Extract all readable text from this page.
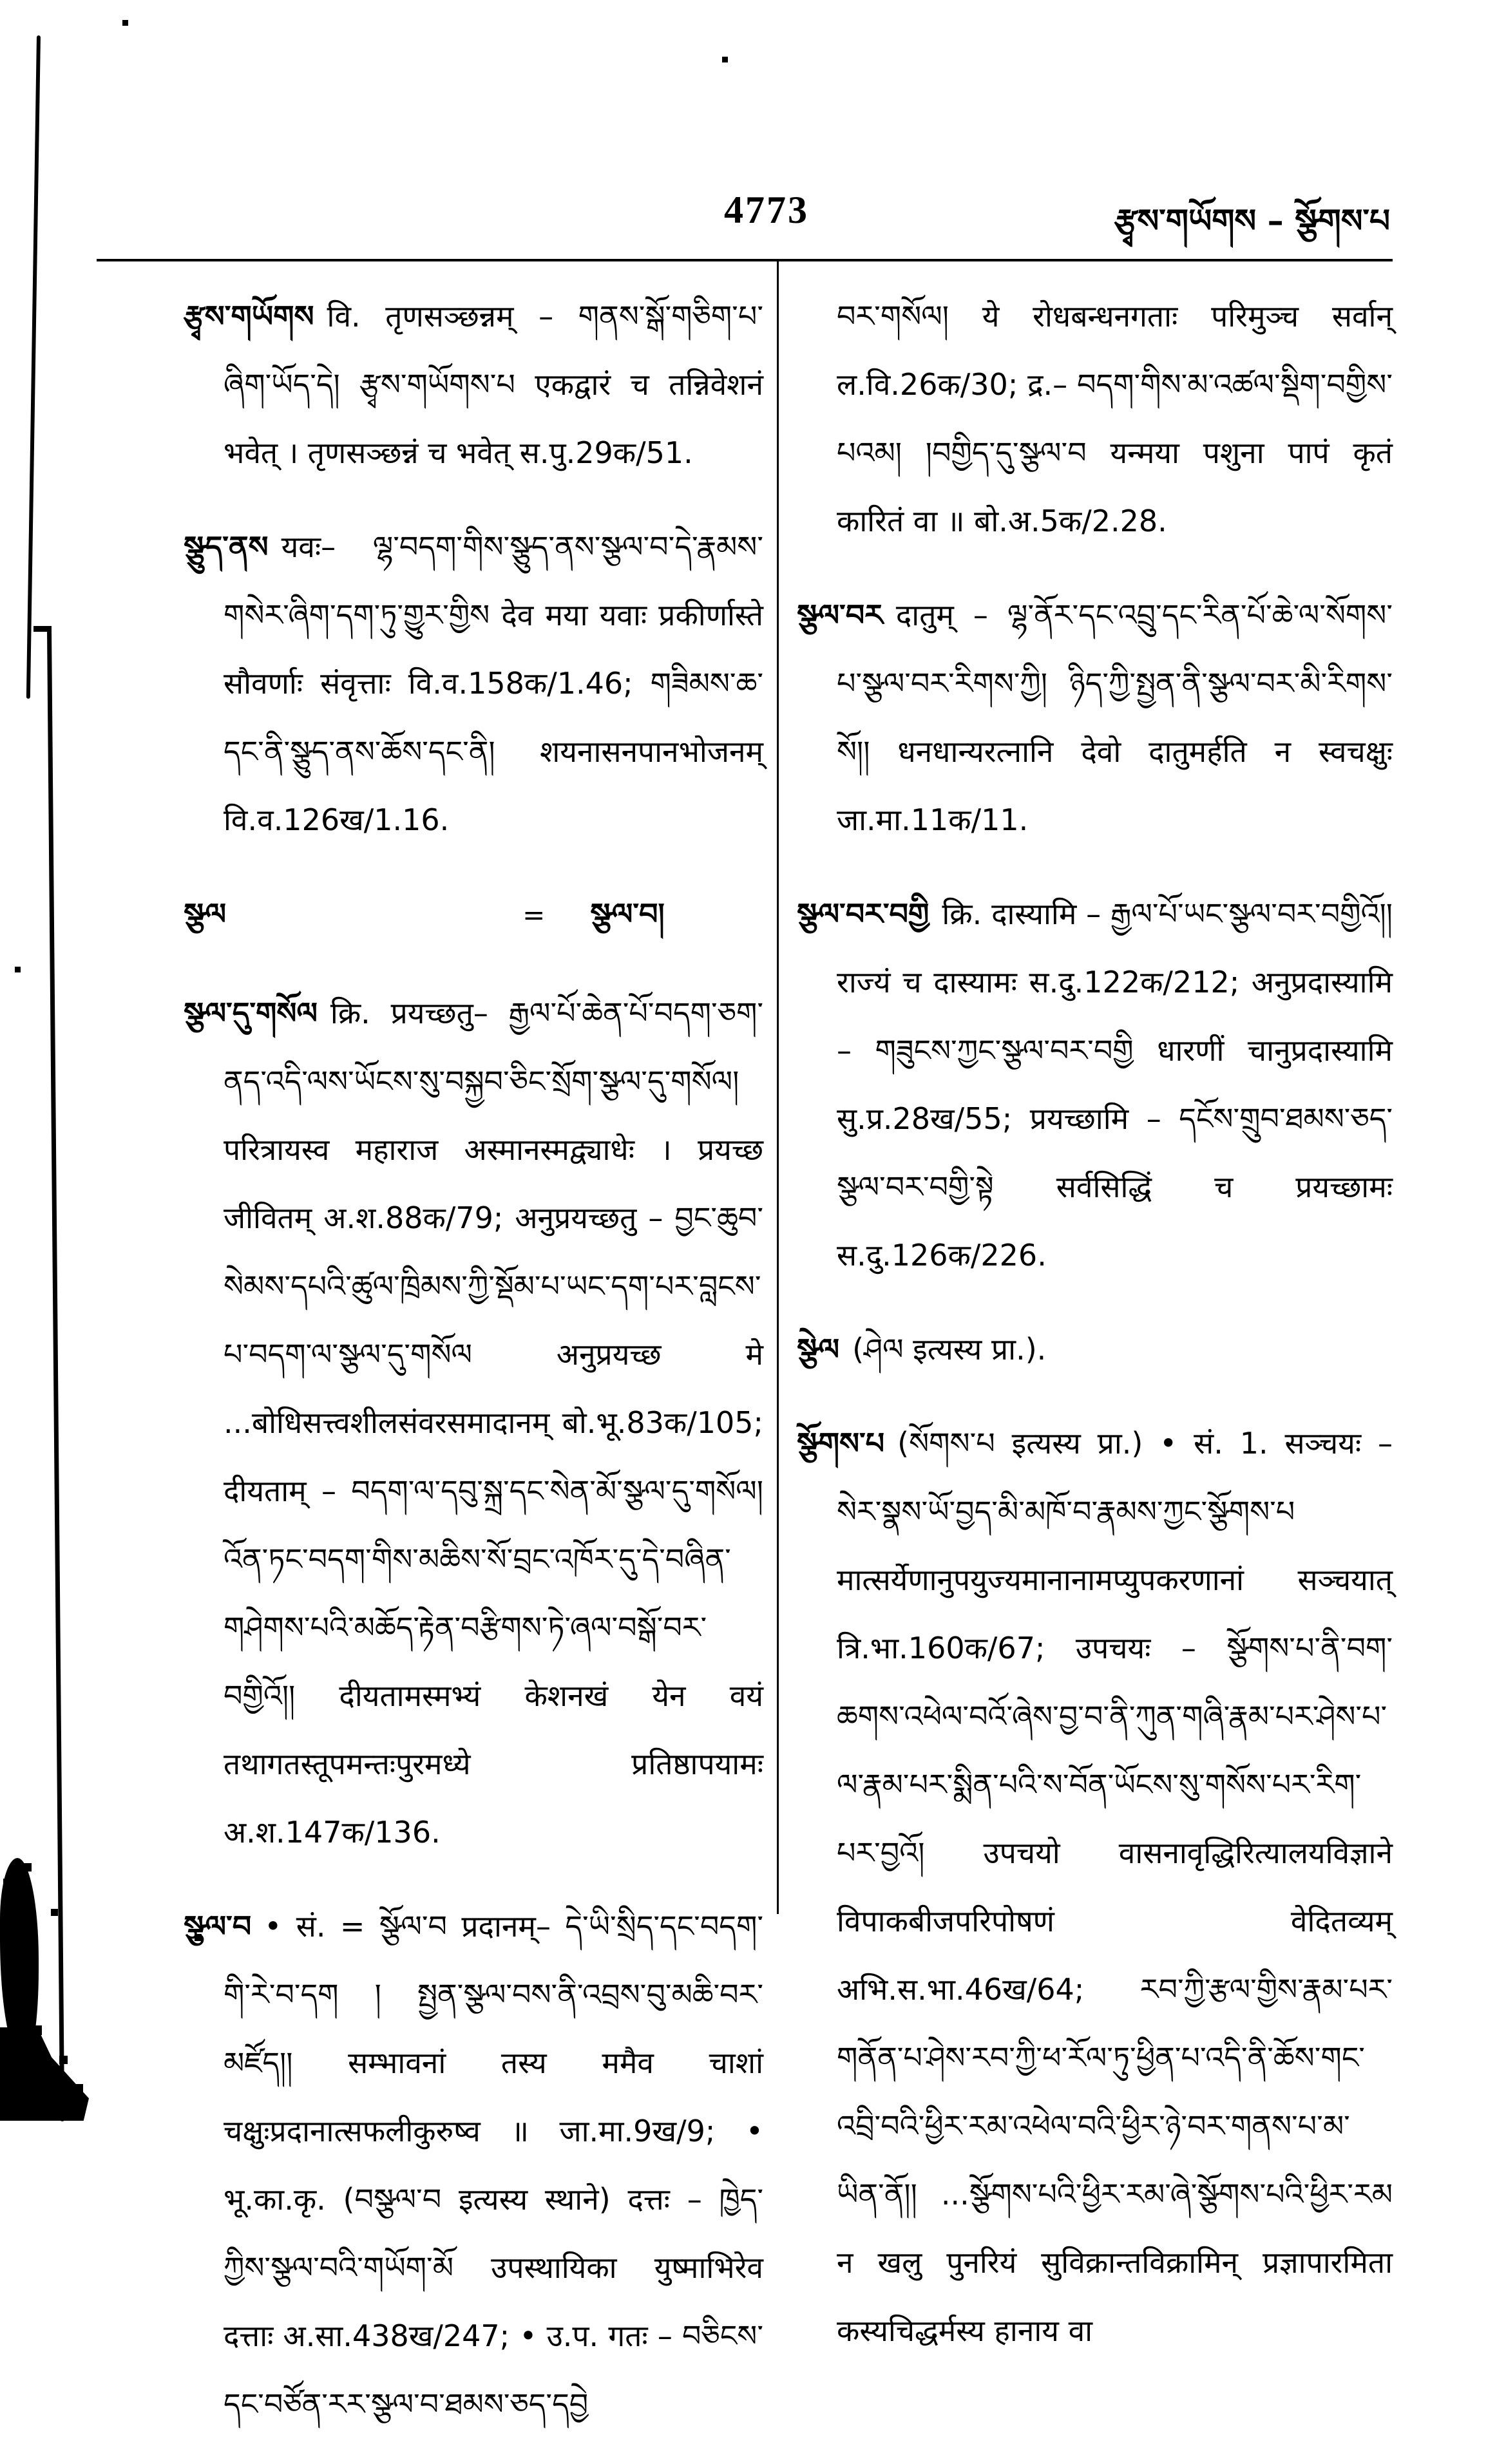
4773	རྩྭས་གཡོགས – སྩོགས་པ

རྩྭས་གཡོགས वि. तृणसञ्छन्नम् – གནས་སྒོ་གཅིག་པ་ཞིག་ཡོད་དེ། རྩྭས་གཡོགས་པ एकद्वारं च तन्निवेशनं भवेत् । तृणसञ्छन्नं च भवेत् स.पु.29क/51.

སྩུད་ནས यवः– ལྷ་བདག་གིས་སྩུད་ནས་སྩལ་བ་དེ་རྣམས་གསེར་ཞིག་དག་ཏུ་གྱུར་གྱིས देव मया यवाः प्रकीर्णास्ते सौवर्णाः संवृत्ताः वि.व.158क/1.46; གཟིམས་ཆ་དང་ནི་སྩུད་ནས་ཆོས་དང་ནི། शयनासनपानभोजनम् वि.व.126ख/1.16.

སྩལ	= སྩལ་བ།

སྩལ་དུ་གསོལ क्रि. प्रयच्छतु– རྒྱལ་པོ་ཆེན་པོ་བདག་ཅག་ནད་འདི་ལས་ཡོངས་སུ་བསྐྱབ་ཅིང་སྲོག་སྩལ་དུ་གསོལ། परित्रायस्व महाराज अस्मानस्मद्व्याधेः । प्रयच्छ जीवितम् अ.श.88क/79; अनुप्रयच्छतु – བྱང་ཆུབ་སེམས་དཔའི་ཚུལ་ཁྲིམས་ཀྱི་སྡོམ་པ་ཡང་དག་པར་བླངས་པ་བདག་ལ་སྩལ་དུ་གསོལ अनुप्रयच्छ मे ...बोधिसत्त्वशीलसंवरसमादानम् बो.भू.83क/105; दीयताम् – བདག་ལ་དབུ་སྐྲ་དང་སེན་མོ་སྩལ་དུ་གསོལ། འོན་ཏང་བདག་གིས་མཆིས་སོ་བྲང་འཁོར་དུ་དེ་བཞིན་གཤེགས་པའི་མཆོད་རྟེན་བརྩིགས་ཏེ་ཞལ་བསྒོ་བར་བགྱིའོ།། दीयतामस्मभ्यं केशनखं येन वयं तथागतस्तूपमन्तःपुरमध्ये प्रतिष्ठापयामः अ.श.147क/136.

སྩལ་བ • सं. = སྩོལ་བ प्रदानम्– དེ་ཡི་སྲིད་དང་བདག་གི་རེ་བ་དག ། སྤྱན་སྩལ་བས་ནི་འབྲས་བུ་མཆི་བར་མཛོད།། सम्भावनां तस्य ममैव चाशां चक्षुःप्रदानात्सफलीकुरुष्व ॥ जा.मा.9ख/9; • भू.का.कृ. (བསྩལ་བ इत्यस्य स्थाने) दत्तः – ཁྱེད་ཀྱིས་སྩལ་བའི་གཡོག་མོ उपस्थायिका युष्माभिरेव दत्ताः अ.सा.438ख/247; • उ.प. गतः – བཅིངས་དང་བཙོན་རར་སྩལ་བ་ཐམས་ཅད་དབྱེ

བར་གསོལ། ये रोधबन्धनगताः परिमुञ्च सर्वान् ल.वि.26क/30; द्र.– བདག་གིས་མ་འཚལ་སྡིག་བགྱིས་པའམ། །བགྱིད་དུ་སྩལ་བ यन्मया पशुना पापं कृतं कारितं वा ॥ बो.अ.5क/2.28.

སྩལ་བར दातुम् – ལྷ་ནོར་དང་འབྲུ་དང་རིན་པོ་ཆེ་ལ་སོགས་པ་སྩལ་བར་རིགས་ཀྱི། ཉིད་ཀྱི་སྤྱན་ནི་སྩལ་བར་མི་རིགས་སོ།། धनधान्यरत्नानि देवो दातुमर्हति न स्वचक्षुः जा.मा.11क/11.

སྩལ་བར་བགྱི क्रि. दास्यामि – རྒྱལ་པོ་ཡང་སྩལ་བར་བགྱིའོ།། राज्यं च दास्यामः स.दु.122क/212; अनुप्रदास्यामि – གཟུངས་ཀྱང་སྩལ་བར་བགྱི धारणीं चानुप्रदास्यामि सु.प्र.28ख/55; प्रयच्छामि – དངོས་གྲུབ་ཐམས་ཅད་སྩལ་བར་བགྱི་སྟེ सर्वसिद्धिं च प्रयच्छामः स.दु.126क/226.

སྩེལ (ཤེལ इत्यस्य प्रा.).

སྩོགས་པ (སོགས་པ इत्यस्य प्रा.) • सं. 1. सञ्चयः – སེར་སྣས་ཡོ་བྱད་མི་མཁོ་བ་རྣམས་ཀྱང་སྩོགས་པ मात्सर्येणानुपयुज्यमानानामप्युपकरणानां सञ्चयात् त्रि.भा.160क/67; उपचयः – སྩོགས་པ་ནི་བག་ཆགས་འཕེལ་བའོ་ཞེས་བྱ་བ་ནི་ཀུན་གཞི་རྣམ་པར་ཤེས་པ་ལ་རྣམ་པར་སྨིན་པའི་ས་བོན་ཡོངས་སུ་གསོས་པར་རིག་པར་བྱའོ། उपचयो वासनावृद्धिरित्यालयविज्ञाने विपाकबीजपरिपोषणं वेदितव्यम् अभि.स.भा.46ख/64; རབ་ཀྱི་རྩལ་གྱིས་རྣམ་པར་གནོན་པ་ཤེས་རབ་ཀྱི་ཕ་རོལ་ཏུ་ཕྱིན་པ་འདི་ནི་ཆོས་གང་འབྲི་བའི་ཕྱིར་རམ་འཕེལ་བའི་ཕྱིར་ཉེ་བར་གནས་པ་མ་ཡིན་ནོ།། ...སྩོགས་པའི་ཕྱིར་རམ་ཞེ་སྩོགས་པའི་ཕྱིར་རམ न खलु पुनरियं सुविक्रान्तविक्रामिन् प्रज्ञापारमिता कस्यचिद्धर्मस्य हानाय वा
